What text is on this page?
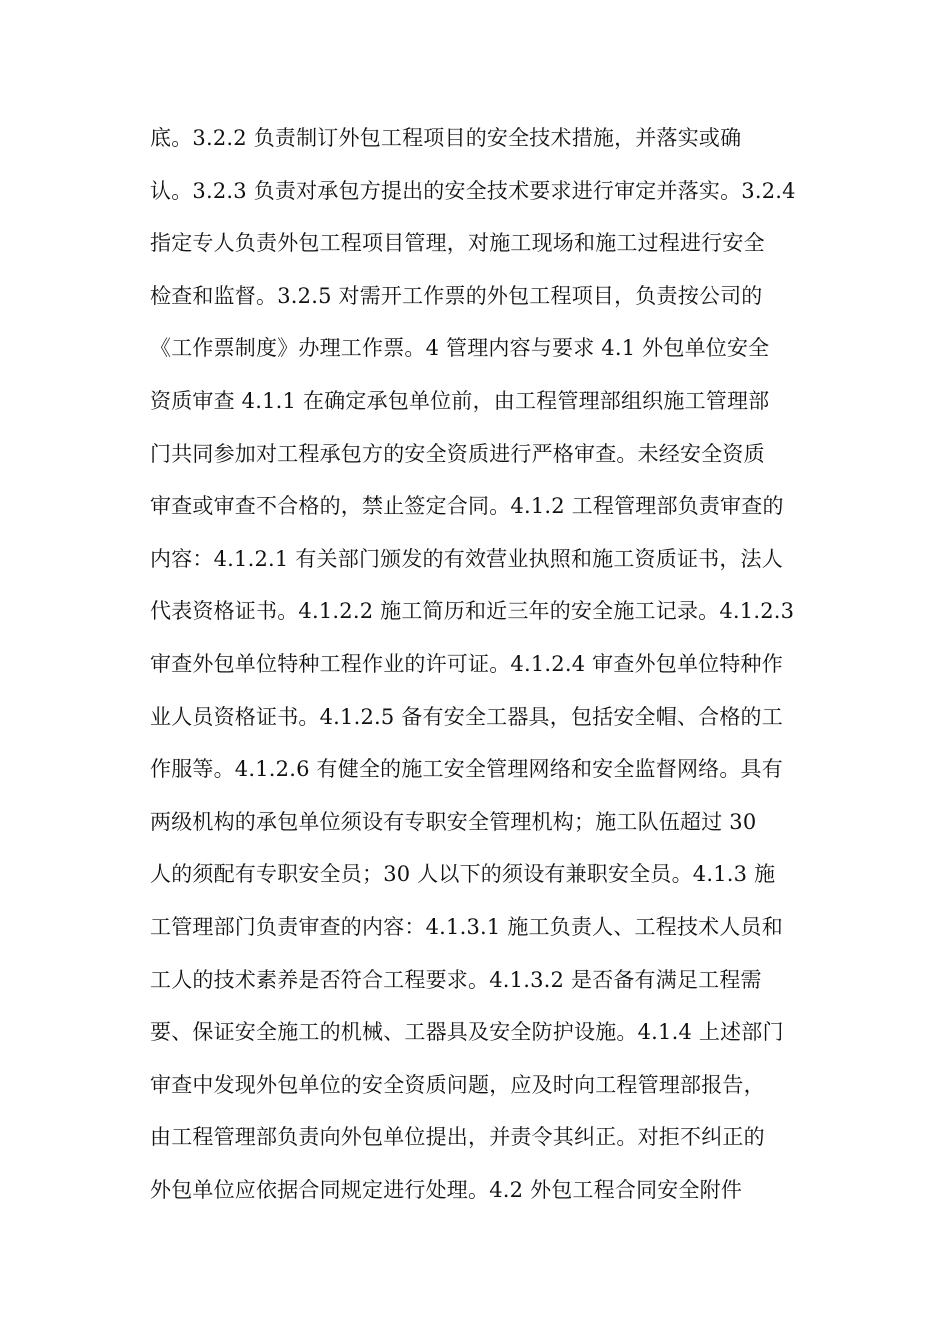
底。3.2.2 负责制订外包工程项目的安全技术措施，并落实或确
认。3.2.3 负责对承包方提出的安全技术要求进行审定并落实。3.2.4
指定专人负责外包工程项目管理，对施工现场和施工过程进行安全
检查和监督。3.2.5 对需开工作票的外包工程项目，负责按公司的
《工作票制度》办理工作票。4 管理内容与要求 4.1 外包单位安全
资质审查 4.1.1 在确定承包单位前，由工程管理部组织施工管理部
门共同参加对工程承包方的安全资质进行严格审查。未经安全资质
审查或审查不合格的，禁止签定合同。4.1.2 工程管理部负责审查的
内容：4.1.2.1 有关部门颁发的有效营业执照和施工资质证书，法人
代表资格证书。4.1.2.2 施工简历和近三年的安全施工记录。4.1.2.3
审查外包单位特种工程作业的许可证。4.1.2.4 审查外包单位特种作
业人员资格证书。4.1.2.5 备有安全工器具，包括安全帽、合格的工
作服等。4.1.2.6 有健全的施工安全管理网络和安全监督网络。具有
两级机构的承包单位须设有专职安全管理机构；施工队伍超过 30
人的须配有专职安全员；30 人以下的须设有兼职安全员。4.1.3 施
工管理部门负责审查的内容：4.1.3.1 施工负责人、工程技术人员和
工人的技术素养是否符合工程要求。4.1.3.2 是否备有满足工程需
要、保证安全施工的机械、工器具及安全防护设施。4.1.4 上述部门
审查中发现外包单位的安全资质问题，应及时向工程管理部报告，
由工程管理部负责向外包单位提出，并责令其纠正。对拒不纠正的
外包单位应依据合同规定进行处理。4.2 外包工程合同安全附件
